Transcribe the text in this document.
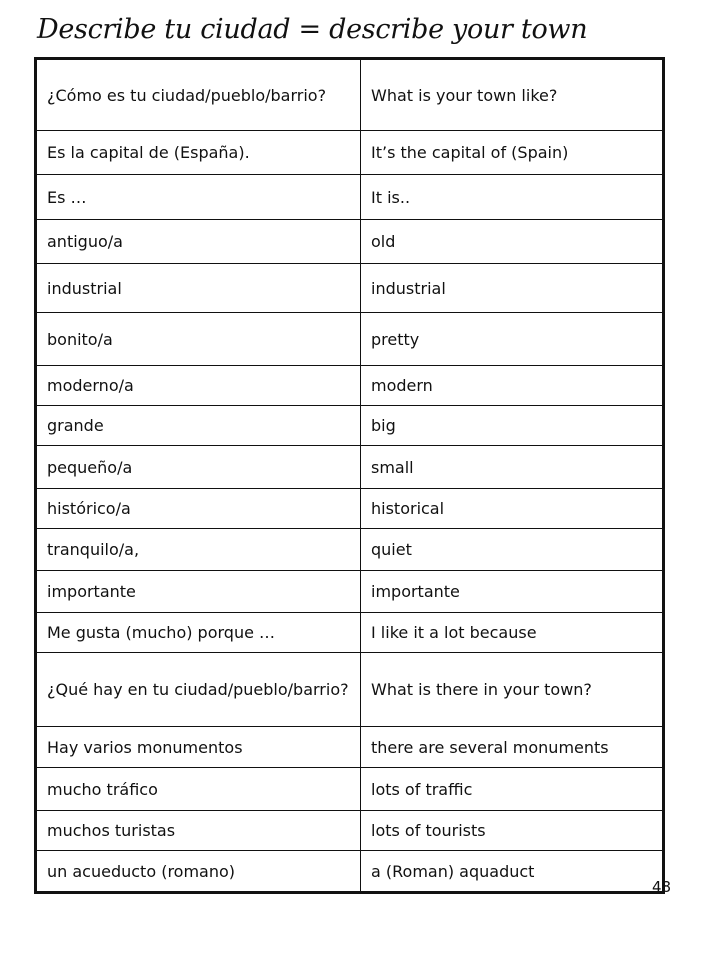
Describe tu ciudad = describe your town
¿Cómo es tu ciudad/pueblo/barrio?	What is your town like?
Es la capital de (España).	It’s the capital of (Spain)
Es …	It is..
antiguo/a	old
industrial	industrial
bonito/a	pretty
moderno/a	modern
grande	big
pequeño/a	small
histórico/a	historical
tranquilo/a,	quiet
importante	importante
Me gusta (mucho) porque …	I like it a lot because
¿Qué hay en tu ciudad/pueblo/barrio?	What is there in your town?
Hay varios monumentos	there are several monuments
mucho tráfico	lots of traffic
muchos turistas	lots of tourists
un acueducto (romano)	a (Roman) aquaduct
48
